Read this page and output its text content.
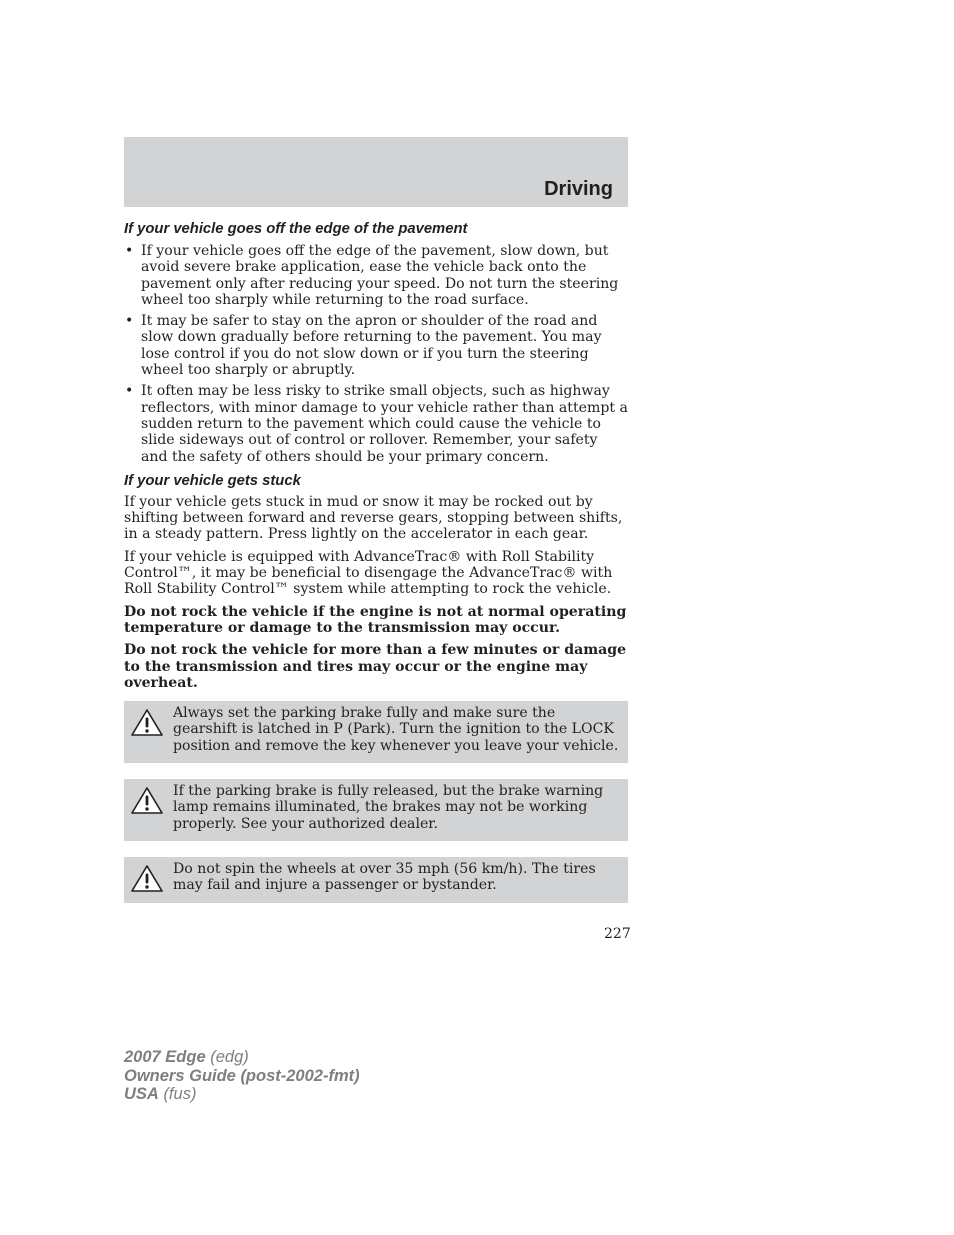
Driving
If your vehicle goes off the edge of the pavement
• If your vehicle goes off the edge of the pavement, slow down, but avoid severe brake application, ease the vehicle back onto the pavement only after reducing your speed. Do not turn the steering wheel too sharply while returning to the road surface.
• It may be safer to stay on the apron or shoulder of the road and slow down gradually before returning to the pavement. You may lose control if you do not slow down or if you turn the steering wheel too sharply or abruptly.
• It often may be less risky to strike small objects, such as highway reflectors, with minor damage to your vehicle rather than attempt a sudden return to the pavement which could cause the vehicle to slide sideways out of control or rollover. Remember, your safety and the safety of others should be your primary concern.
If your vehicle gets stuck

If your vehicle gets stuck in mud or snow it may be rocked out by shifting between forward and reverse gears, stopping between shifts, in a steady pattern. Press lightly on the accelerator in each gear.

If your vehicle is equipped with AdvanceTrac® with Roll Stability Control™, it may be beneficial to disengage the AdvanceTrac® with Roll Stability Control™ system while attempting to rock the vehicle.

Do not rock the vehicle if the engine is not at normal operating temperature or damage to the transmission may occur.

Do not rock the vehicle for more than a few minutes or damage to the transmission and tires may occur or the engine may overheat.

Always set the parking brake fully and make sure the gearshift is latched in P (Park). Turn the ignition to the LOCK position and remove the key whenever you leave your vehicle.

If the parking brake is fully released, but the brake warning lamp remains illuminated, the brakes may not be working properly. See your authorized dealer.

Do not spin the wheels at over 35 mph (56 km/h). The tires may fail and injure a passenger or bystander.

227
2007 Edge (edg)
Owners Guide (post-2002-fmt)
USA (fus)
